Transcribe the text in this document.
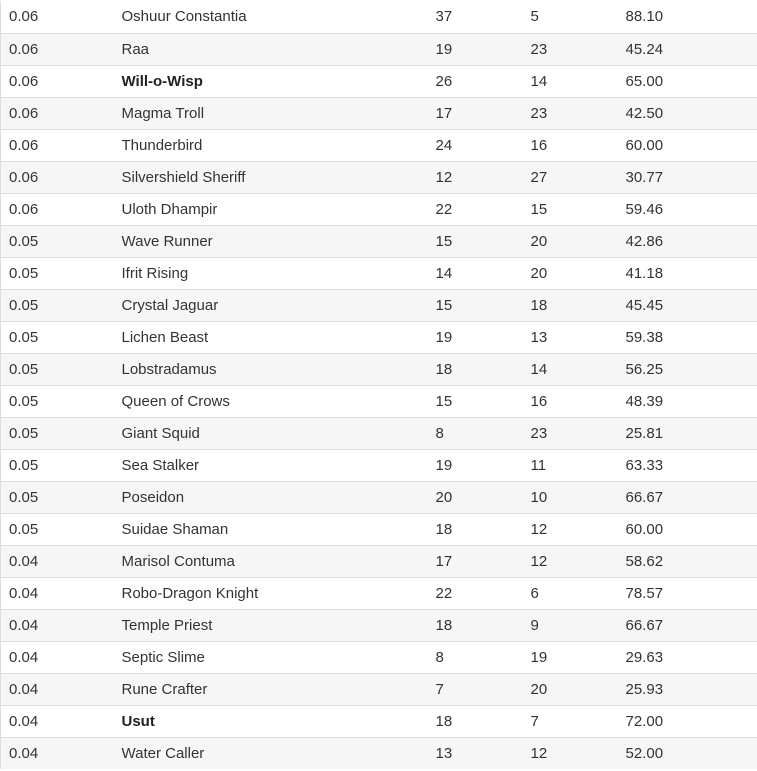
0.06	Oshuur Constantia	37	5	88.10
0.06	Raa	19	23	45.24
0.06	Will-o-Wisp	26	14	65.00
0.06	Magma Troll	17	23	42.50
0.06	Thunderbird	24	16	60.00
0.06	Silvershield Sheriff	12	27	30.77
0.06	Uloth Dhampir	22	15	59.46
0.05	Wave Runner	15	20	42.86
0.05	Ifrit Rising	14	20	41.18
0.05	Crystal Jaguar	15	18	45.45
0.05	Lichen Beast	19	13	59.38
0.05	Lobstradamus	18	14	56.25
0.05	Queen of Crows	15	16	48.39
0.05	Giant Squid	8	23	25.81
0.05	Sea Stalker	19	11	63.33
0.05	Poseidon	20	10	66.67
0.05	Suidae Shaman	18	12	60.00
0.04	Marisol Contuma	17	12	58.62
0.04	Robo-Dragon Knight	22	6	78.57
0.04	Temple Priest	18	9	66.67
0.04	Septic Slime	8	19	29.63
0.04	Rune Crafter	7	20	25.93
0.04	Usut	18	7	72.00
0.04	Water Caller	13	12	52.00
